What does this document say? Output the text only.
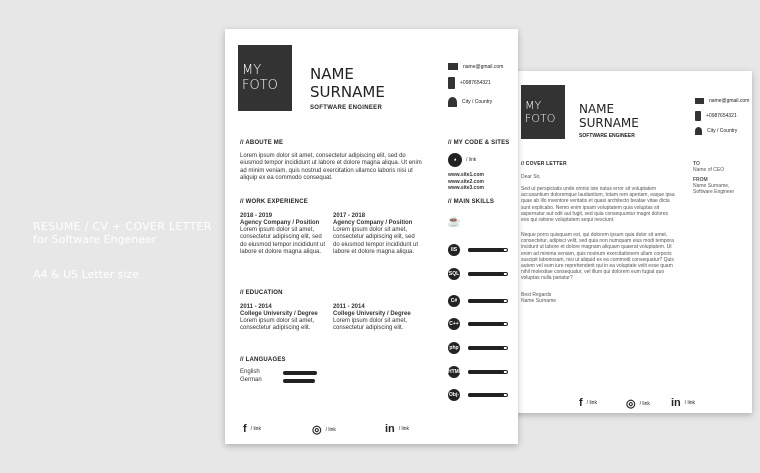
RESUME / CV + COVER LETTER
for Software Engeneer
A4 & US Letter size
MY FOTO
NAME
SURNAME
SOFTWARE ENGINEER
name@gmail.com
+0987654321
City / Country
// COVER LETTER
Dear Sir,
Sed ut perspiciatis unde omnis iste natus error sit voluptatem accusantium doloremque laudantium, totam rem aperiam, eaque ipsa quae ab illo inventore veritatis et quasi architecto beatae vitae dicta sunt explicabo. Nemo enim ipsam voluptatem quia voluptas sit aspernatur aut odit aut fugit, sed quia consequuntur magni dolores eos qui ratione voluptatem sequi nesciunt.
Neque porro quisquam est, qui dolorem ipsum quia dolor sit amet, consectetur, adipisci velit, sed quia non numquam eius modi tempora incidunt ut labore et dolore magnam aliquam quaerat voluptatem. Ut enim ad minima veniam, quis nostrum exercitationem ullam corporis suscipit laboriosam, nisi ut aliquid ex ea commodi consequatur? Quis autem vel eum iure reprehenderit qui in ea voluptate velit esse quam nihil molestiae consequatur, vel illum qui dolorem eum fugiat quo voluptas nulla pariatur?
Best Regards
Name Surname
TO
Name of CEO
FROM
Name Surname, Software Engineer
f / link	◎ / link in / link
MY FOTO
NAME
SURNAME
SOFTWARE ENGINEER
name@gmail.com
+0987654321
City / Country
// ABOUTE ME
Lorem ipsum dolor sit amet, consectetur adipiscing elit, sed do eiusmod tempor incididunt ut labore et dolore magna aliqua. Ut enim ad minim veniam, quis nostrud exercitation ullamco laboris nisi ut aliquip ex ea commodo consequat.
// WORK EXPERIENCE
2018 - 2019
Agency Company / Position
Lorem ipsum dolor sit amet, consectetur adipiscing elit, sed do eiusmod tempor incididunt ut labore et dolore magna aliqua.
2017 - 2018
Agency Company / Position
Lorem ipsum dolor sit amet, consectetur adipiscing elit, sed do eiusmod tempor incididunt ut labore et dolore magna aliqua.
// EDUCATION
2011 - 2014
College University / Degree
Lorem ipsum dolor sit amet, consectetur adipiscing elit.
2011 - 2014
College University / Degree
Lorem ipsum dolor sit amet, consectetur adipiscing elit.
// LANGUAGES
English
German
// MY CODE & SITES
◕	/ link
www.site1.com
www.site2.com
www.site3.com
// MAIN SKILLS
☕
f / link	◎ / link	in / link
IIS
SQL
C#
C++
php
HTML
Obj-C
